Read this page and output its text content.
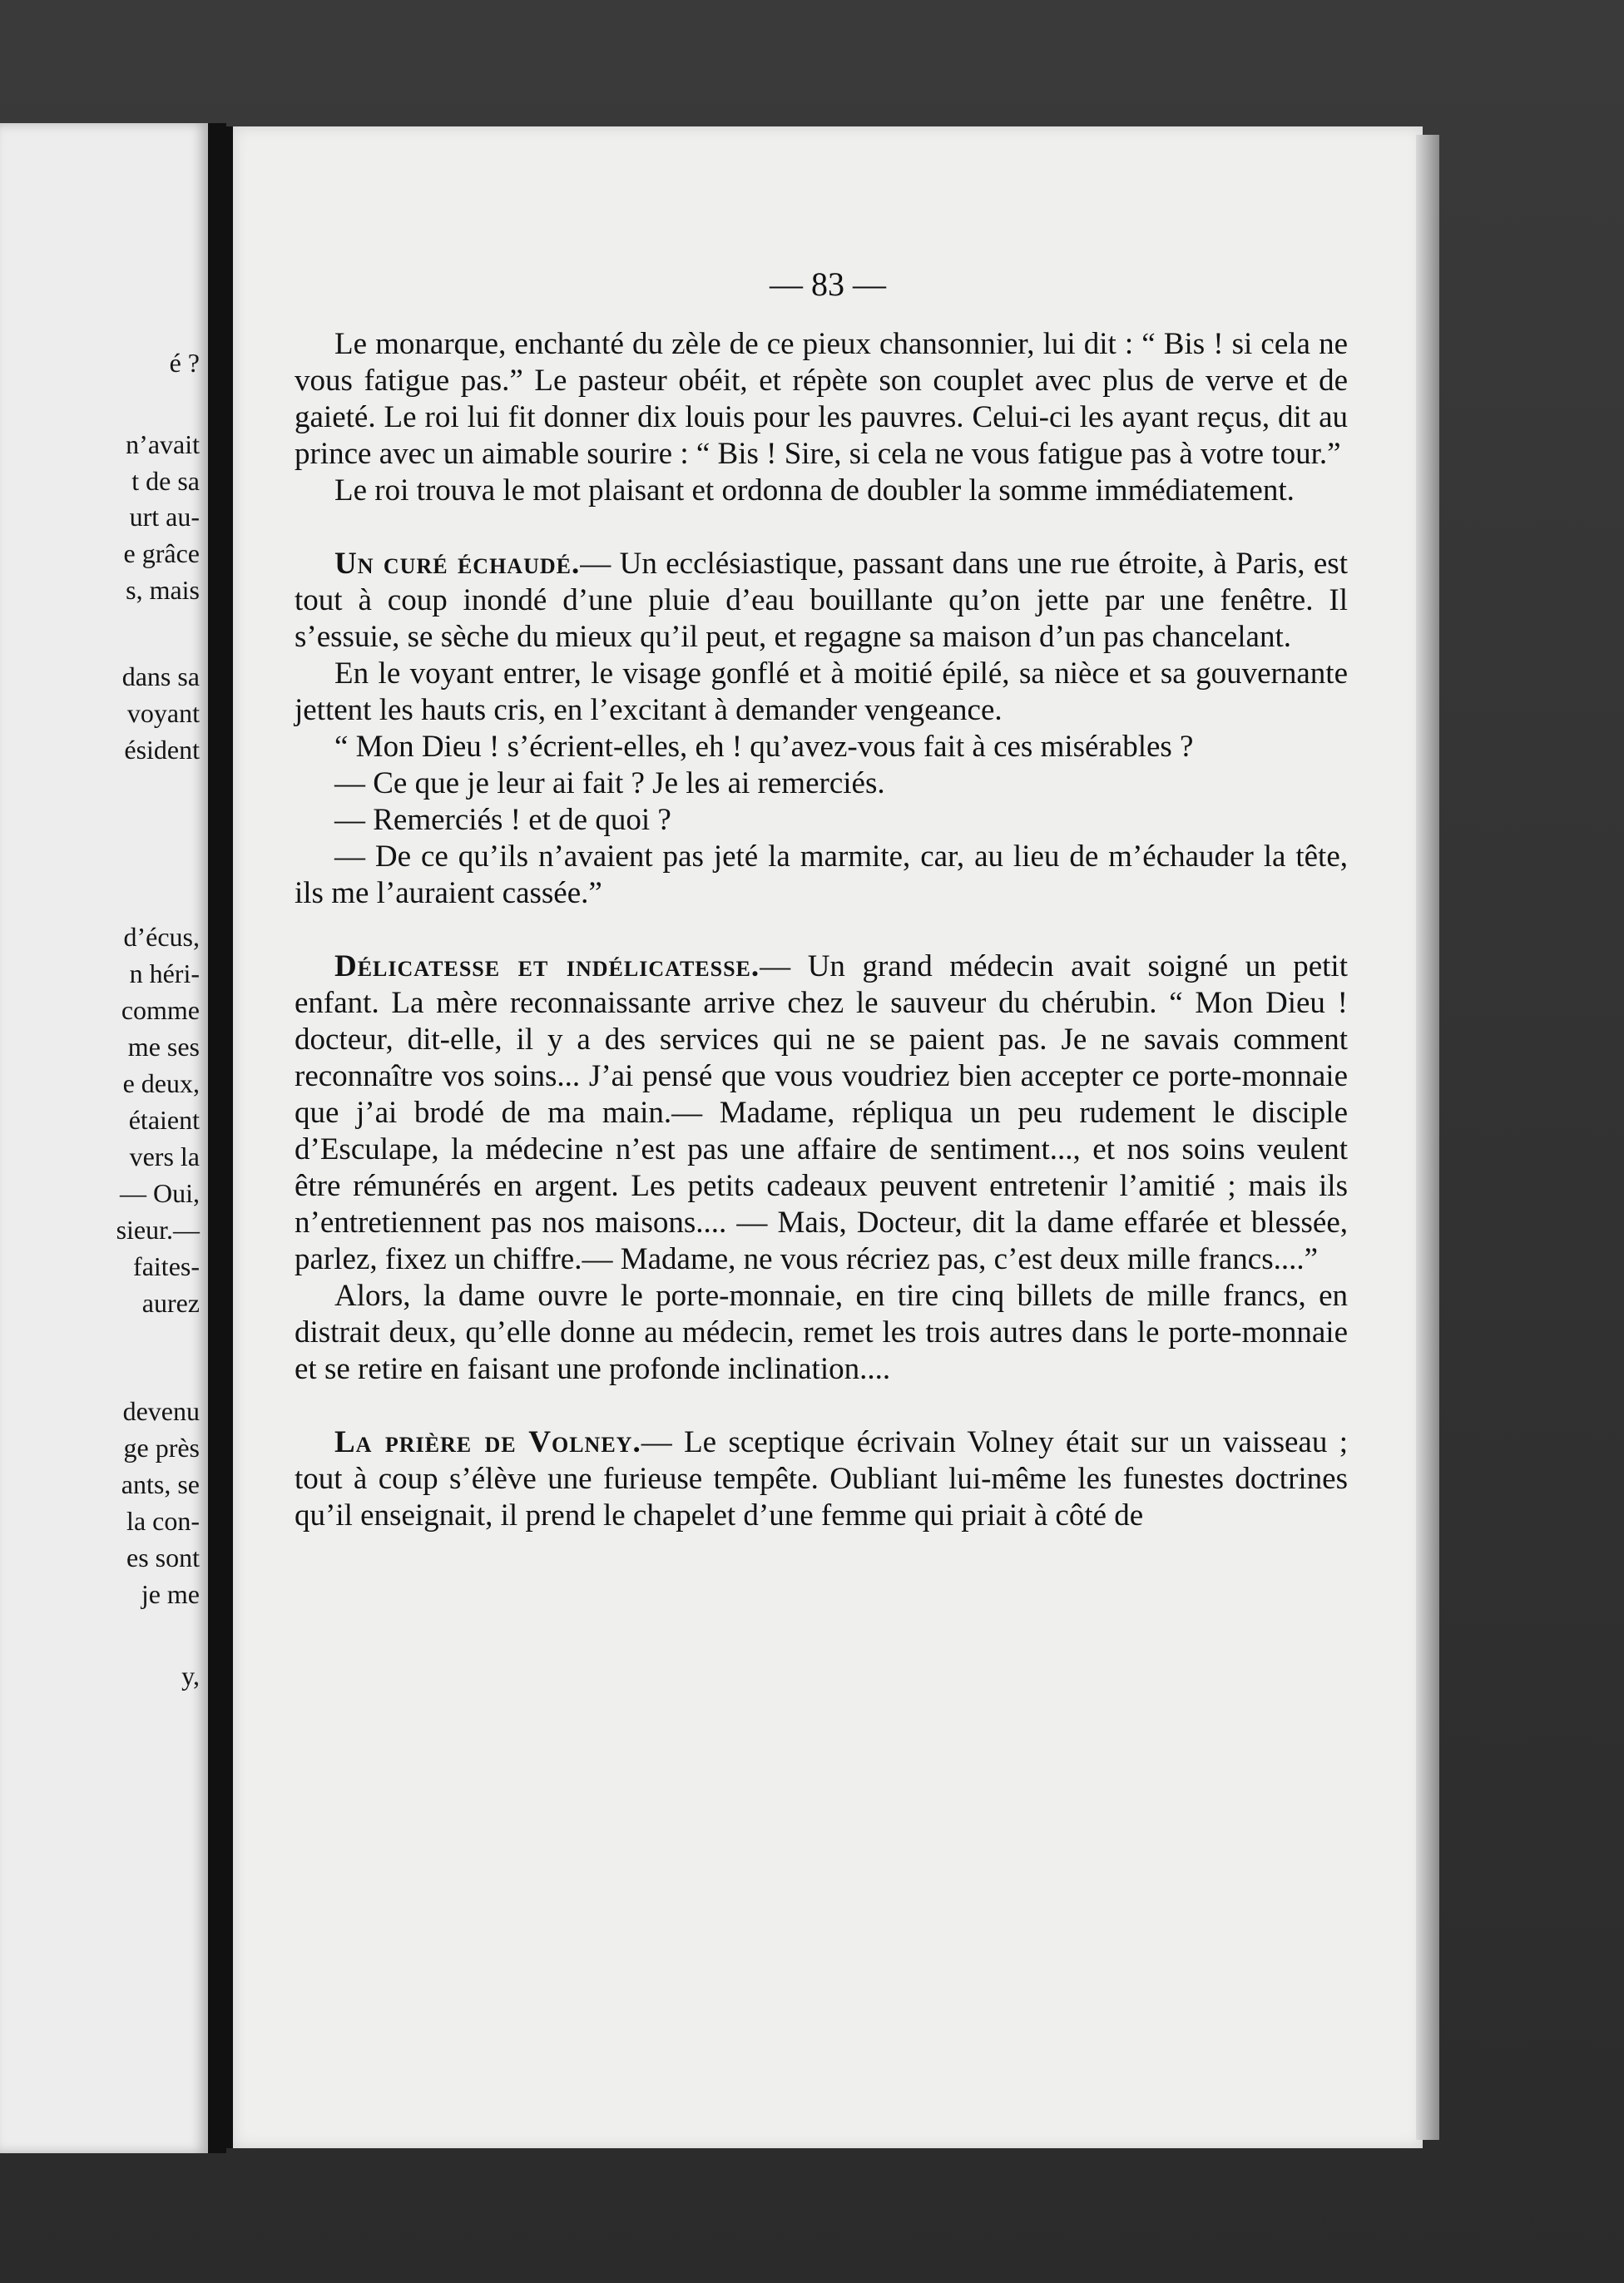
é ?
n’avait
t de sa
urt au-
e grâce
s, mais
dans sa
voyant
ésident
d’écus,
n héri-
comme
me ses
e deux,
étaient
vers la
— Oui,
sieur.—
faites-
aurez
devenu
ge près
ants, se
la con-
es sont
je me
y,
— 83 —

Le monarque, enchanté du zèle de ce pieux chansonnier, lui dit : “ Bis ! si cela ne vous fatigue pas.” Le pasteur obéit, et répète son couplet avec plus de verve et de gaieté. Le roi lui fit donner dix louis pour les pauvres. Celui-ci les ayant reçus, dit au prince avec un aimable sourire : “ Bis ! Sire, si cela ne vous fatigue pas à votre tour.”

Le roi trouva le mot plaisant et ordonna de doubler la somme immédiatement.

Un curé échaudé.— Un ecclésiastique, passant dans une rue étroite, à Paris, est tout à coup inondé d’une pluie d’eau bouillante qu’on jette par une fenêtre. Il s’essuie, se sèche du mieux qu’il peut, et regagne sa maison d’un pas chancelant.

En le voyant entrer, le visage gonflé et à moitié épilé, sa nièce et sa gouvernante jettent les hauts cris, en l’excitant à demander vengeance.

“ Mon Dieu ! s’écrient-elles, eh ! qu’avez-vous fait à ces misérables ?

— Ce que je leur ai fait ? Je les ai remerciés.

— Remerciés ! et de quoi ?

— De ce qu’ils n’avaient pas jeté la marmite, car, au lieu de m’échauder la tête, ils me l’auraient cassée.”

Délicatesse et indélicatesse.— Un grand médecin avait soigné un petit enfant. La mère reconnaissante arrive chez le sauveur du chérubin. “ Mon Dieu ! docteur, dit-elle, il y a des services qui ne se paient pas. Je ne savais comment reconnaître vos soins... J’ai pensé que vous voudriez bien accepter ce porte-monnaie que j’ai brodé de ma main.— Madame, répliqua un peu rudement le disciple d’Esculape, la médecine n’est pas une affaire de sentiment..., et nos soins veulent être rémunérés en argent. Les petits cadeaux peuvent entretenir l’amitié ; mais ils n’entretiennent pas nos maisons.... — Mais, Docteur, dit la dame effarée et blessée, parlez, fixez un chiffre.— Madame, ne vous récriez pas, c’est deux mille francs....”

Alors, la dame ouvre le porte-monnaie, en tire cinq billets de mille francs, en distrait deux, qu’elle donne au médecin, remet les trois autres dans le porte-monnaie et se retire en faisant une profonde inclination....

La prière de Volney.— Le sceptique écrivain Volney était sur un vaisseau ; tout à coup s’élève une furieuse tempête. Oubliant lui-même les funestes doctrines qu’il enseignait, il prend le chapelet d’une femme qui priait à côté de
